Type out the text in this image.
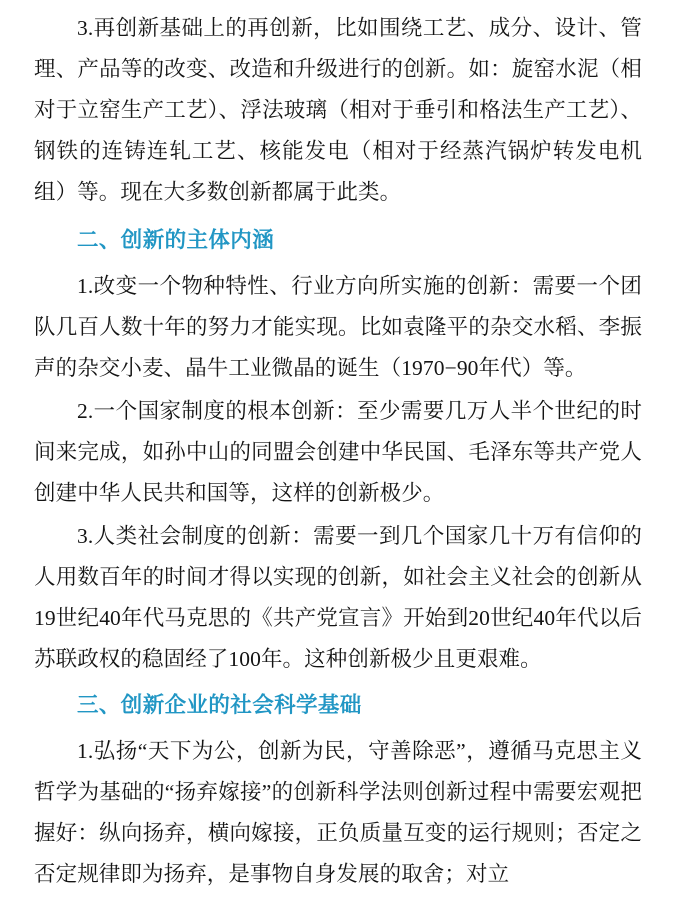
3.再创新基础上的再创新，比如围绕工艺、成分、设计、管理、产品等的改变、改造和升级进行的创新。如：旋窑水泥（相对于立窑生产工艺）、浮法玻璃（相对于垂引和格法生产工艺）、钢铁的连铸连轧工艺、核能发电（相对于经蒸汽锅炉转发电机组）等。现在大多数创新都属于此类。

二、创新的主体内涵

1.改变一个物种特性、行业方向所实施的创新：需要一个团队几百人数十年的努力才能实现。比如袁隆平的杂交水稻、李振声的杂交小麦、晶牛工业微晶的诞生（1970−90年代）等。

2.一个国家制度的根本创新：至少需要几万人半个世纪的时间来完成，如孙中山的同盟会创建中华民国、毛泽东等共产党人创建中华人民共和国等，这样的创新极少。

3.人类社会制度的创新：需要一到几个国家几十万有信仰的人用数百年的时间才得以实现的创新，如社会主义社会的创新从19世纪40年代马克思的《共产党宣言》开始到20世纪40年代以后苏联政权的稳固经了100年。这种创新极少且更艰难。

三、创新企业的社会科学基础

1.弘扬“天下为公，创新为民，守善除恶”，遵循马克思主义哲学为基础的“扬弃嫁接”的创新科学法则创新过程中需要宏观把握好：纵向扬弃，横向嫁接，正负质量互变的运行规则；否定之否定规律即为扬弃，是事物自身发展的取舍；对立
